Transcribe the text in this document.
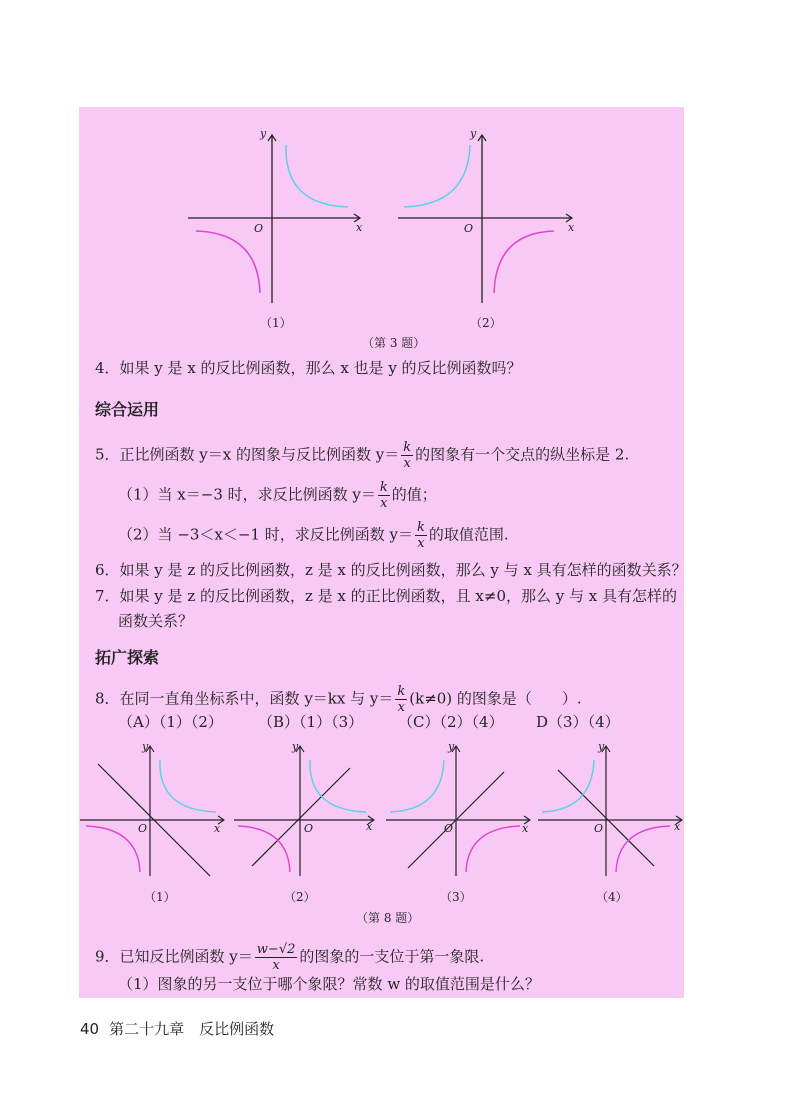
x
y
O	x
y
O
（1）	（2）
（第 3 题）
4．如果 y 是 x 的反比例函数，那么 x 也是 y 的反比例函数吗？
综合运用
5．正比例函数 y＝x 的图象与反比例函数 $y= \frac{k}{x}$ 的图象有一个交点的纵坐标是 2.
（1）当 x＝−3 时，求反比例函数 $y= \frac{k}{x}$ 的值；
（2）当 −3＜x＜−1 时，求反比例函数 $y= \frac{k}{x}$ 的取值范围.
6．如果 y 是 z 的反比例函数，z 是 x 的反比例函数，那么 y 与 x 具有怎样的函数关系？
7．如果 y 是 z 的反比例函数，z 是 x 的正比例函数，且 x≠0，那么 y 与 x 具有怎样的
函数关系？
拓广探索
8．在同一直角坐标系中，函数 y＝kx 与 $y= \frac{k}{x} (k\ne 0)$ 的图象是（　　）.
（A）（1）（2） （B）（1）（3） （C）（2）（4） D（3）（4）
x
y
O	x
y
O	x
y
O	x
y
O
（1）	（2）	（3）	（4）
（第 8 题）
9．已知反比例函数 $y= \frac{w-√2}{x}$ 的图象的一支位于第一象限.
（1）图象的另一支位于哪个象限？常数 w 的取值范围是什么？
40 第二十九章　反比例函数
